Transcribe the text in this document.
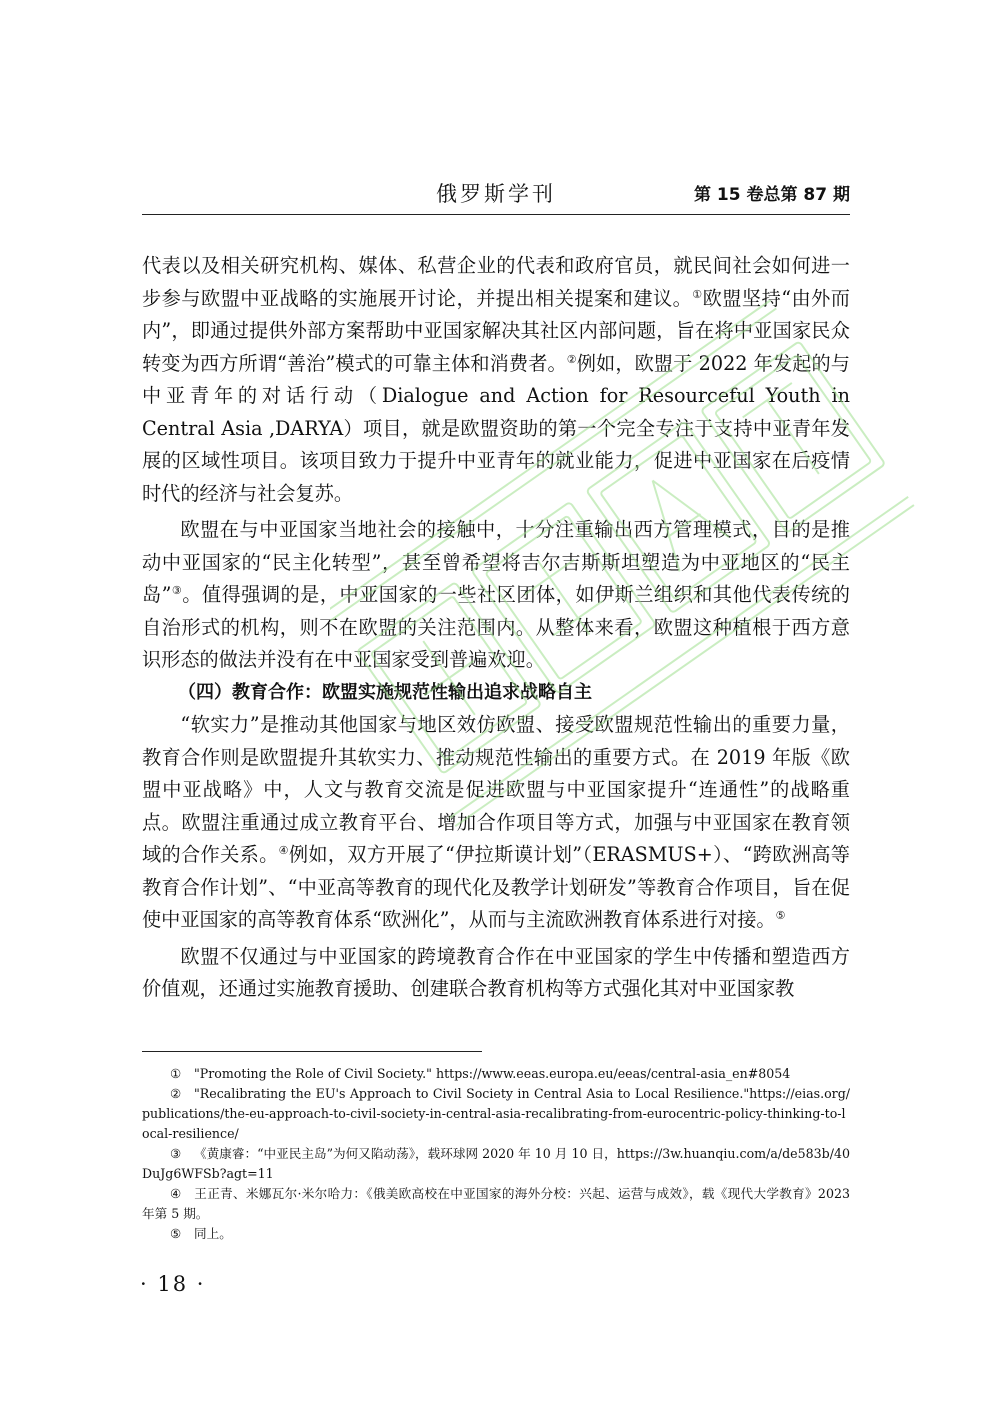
俄罗斯学刊	第 15 卷总第 87 期

代表以及相关研究机构、媒体、私营企业的代表和政府官员，就民间社会如何进一步参与欧盟中亚战略的实施展开讨论，并提出相关提案和建议。①欧盟坚持“由外而内”，即通过提供外部方案帮助中亚国家解决其社区内部问题，旨在将中亚国家民众转变为西方所谓“善治”模式的可靠主体和消费者。②例如，欧盟于 2022 年发起的与中亚青年的对话行动（Dialogue and Action for Resourceful Youth in Central Asia ,DARYA）项目，就是欧盟资助的第一个完全专注于支持中亚青年发展的区域性项目。该项目致力于提升中亚青年的就业能力，促进中亚国家在后疫情时代的经济与社会复苏。

欧盟在与中亚国家当地社会的接触中，十分注重输出西方管理模式，目的是推动中亚国家的“民主化转型”，甚至曾希望将吉尔吉斯斯坦塑造为中亚地区的“民主岛”③。值得强调的是，中亚国家的一些社区团体，如伊斯兰组织和其他代表传统的自治形式的机构，则不在欧盟的关注范围内。从整体来看，欧盟这种植根于西方意识形态的做法并没有在中亚国家受到普遍欢迎。

（四）教育合作：欧盟实施规范性输出追求战略自主

“软实力”是推动其他国家与地区效仿欧盟、接受欧盟规范性输出的重要力量，教育合作则是欧盟提升其软实力、推动规范性输出的重要方式。在 2019 年版《欧盟中亚战略》中，人文与教育交流是促进欧盟与中亚国家提升“连通性”的战略重点。欧盟注重通过成立教育平台、增加合作项目等方式，加强与中亚国家在教育领域的合作关系。④例如，双方开展了“伊拉斯谟计划”（ERASMUS+）、“跨欧洲高等教育合作计划”、“中亚高等教育的现代化及教学计划研发”等教育合作项目，旨在促使中亚国家的高等教育体系“欧洲化”，从而与主流欧洲教育体系进行对接。⑤

欧盟不仅通过与中亚国家的跨境教育合作在中亚国家的学生中传播和塑造西方价值观，还通过实施教育援助、创建联合教育机构等方式强化其对中亚国家教

① "Promoting the Role of Civil Society." https://www.eeas.europa.eu/eeas/central-asia_en#8054

② "Recalibrating the EU's Approach to Civil Society in Central Asia to Local Resilience."https://eias.org/publications/the-eu-approach-to-civil-society-in-central-asia-recalibrating-from-eurocentric-policy-thinking-to-local-resilience/

③ 《黄康睿：“中亚民主岛”为何又陷动荡》，载环球网 2020 年 10 月 10 日，https://3w.huanqiu.com/a/de583b/40DuJg6WFSb?agt=11

④ 王正青、米娜瓦尔·米尔哈力：《俄美欧高校在中亚国家的海外分校：兴起、运营与成效》，载《现代大学教育》2023 年第 5 期。

⑤ 同上。

· 18 ·
